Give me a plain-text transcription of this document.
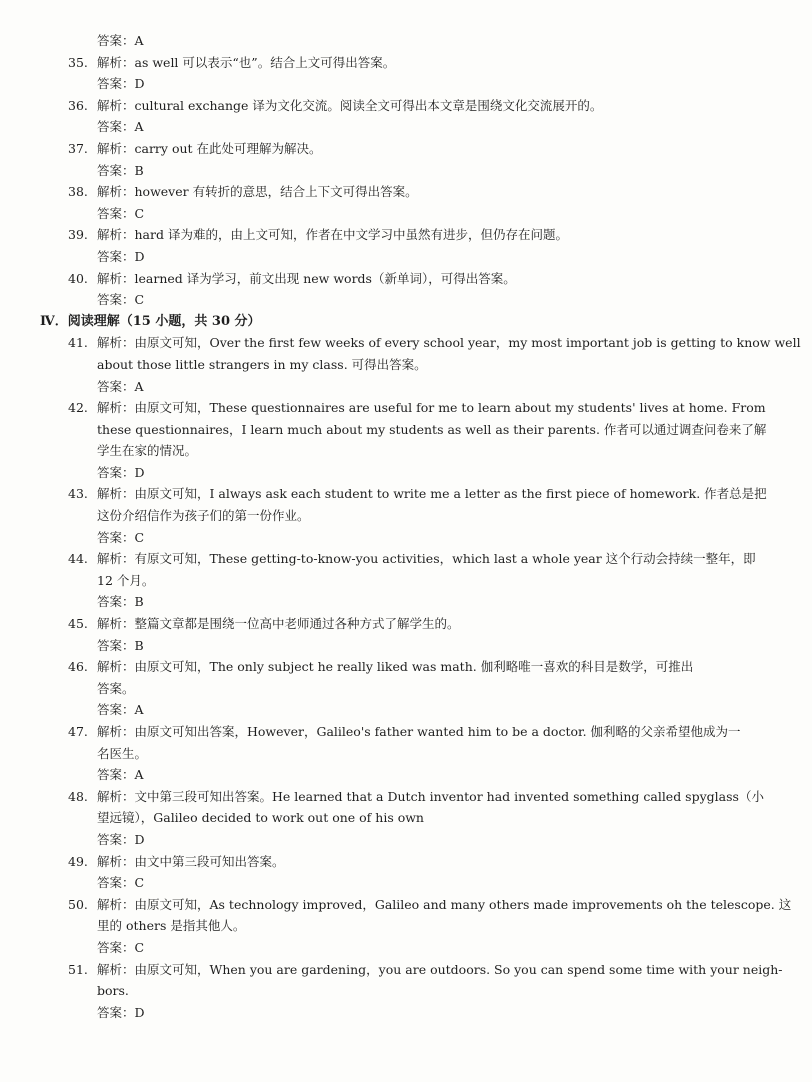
答案：A
35. 解析：as well 可以表示“也”。结合上文可得出答案。
答案：D
36. 解析：cultural exchange 译为文化交流。阅读全文可得出本文章是围绕文化交流展开的。
答案：A
37. 解析：carry out 在此处可理解为解决。
答案：B
38. 解析：however 有转折的意思，结合上下文可得出答案。
答案：C
39. 解析：hard 译为难的，由上文可知，作者在中文学习中虽然有进步，但仍存在问题。
答案：D
40. 解析：learned 译为学习，前文出现 new words（新单词），可得出答案。
答案：C
Ⅳ．阅读理解（15 小题，共 30 分）
41. 解析：由原文可知，Over the first few weeks of every school year，my most important job is getting to know well
about those little strangers in my class. 可得出答案。
答案：A
42. 解析：由原文可知，These questionnaires are useful for me to learn about my students' lives at home. From
these questionnaires，I learn much about my students as well as their parents. 作者可以通过调查问卷来了解
学生在家的情况。
答案：D
43. 解析：由原文可知，I always ask each student to write me a letter as the first piece of homework. 作者总是把
这份介绍信作为孩子们的第一份作业。
答案：C
44. 解析：有原文可知，These getting-to-know-you activities，which last a whole year 这个行动会持续一整年，即
12 个月。
答案：B
45. 解析：整篇文章都是围绕一位高中老师通过各种方式了解学生的。
答案：B
46. 解析：由原文可知，The only subject he really liked was math. 伽利略唯一喜欢的科目是数学，可推出
答案。
答案：A
47. 解析：由原文可知出答案，However，Galileo's father wanted him to be a doctor. 伽利略的父亲希望他成为一
名医生。
答案：A
48. 解析：文中第三段可知出答案。He learned that a Dutch inventor had invented something called spyglass（小
望远镜），Galileo decided to work out one of his own
答案：D
49. 解析：由文中第三段可知出答案。
答案：C
50. 解析：由原文可知，As technology improved，Galileo and many others made improvements oh the telescope. 这
里的 others 是指其他人。
答案：C
51. 解析：由原文可知，When you are gardening，you are outdoors. So you can spend some time with your neigh-
bors.
答案：D
